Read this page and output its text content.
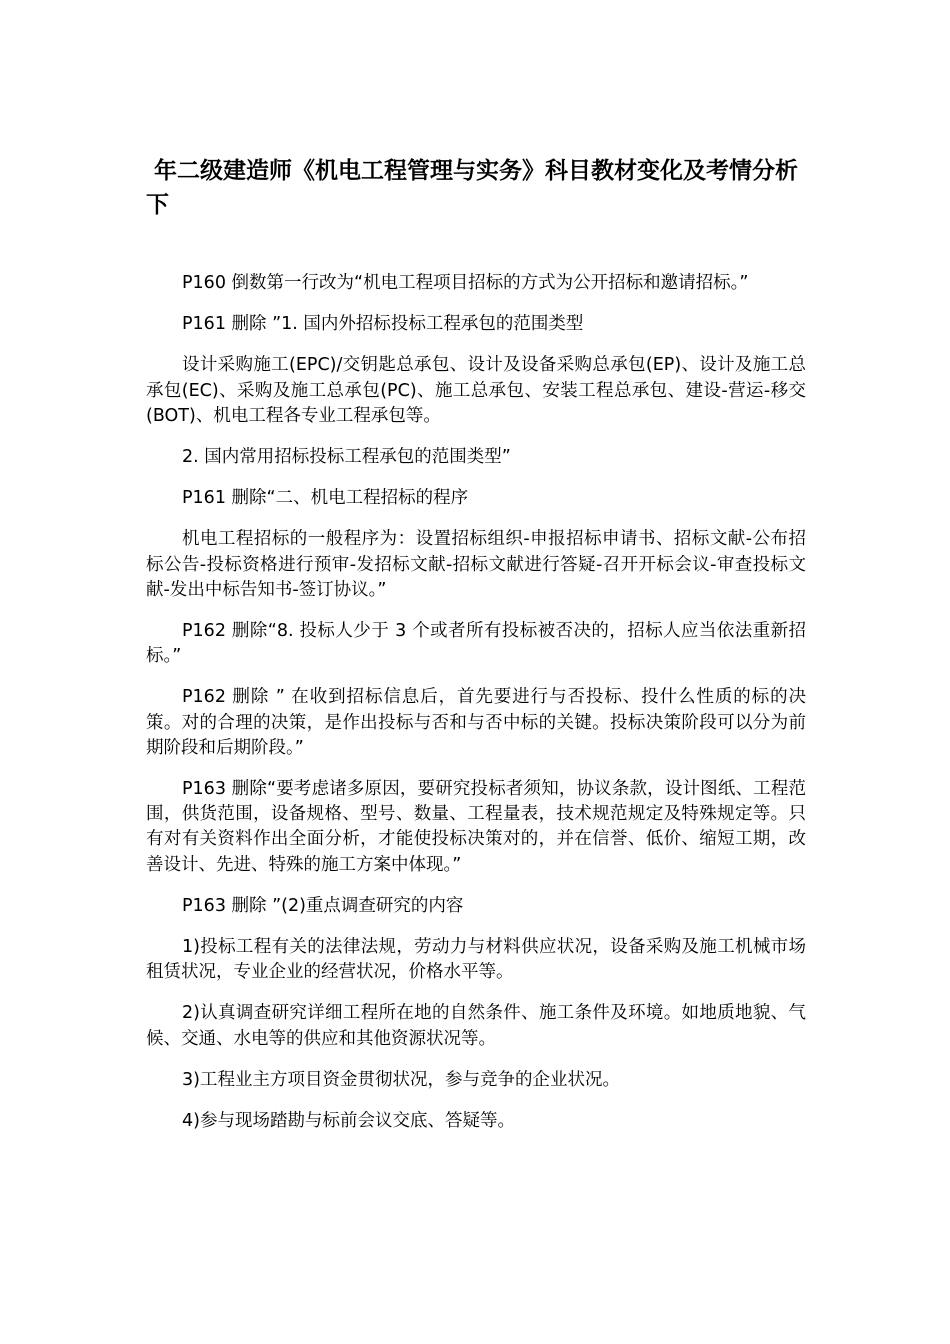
年二级建造师《机电工程管理与实务》科目教材变化及考情分析下

P160 倒数第一行改为“机电工程项目招标的方式为公开招标和邀请招标。”

P161 删除 ”1. 国内外招标投标工程承包的范围类型

设计采购施工(EPC)/交钥匙总承包、设计及设备采购总承包(EP)、设计及施工总承包(EC)、采购及施工总承包(PC)、施工总承包、安装工程总承包、建设-营运-移交(BOT)、机电工程各专业工程承包等。

2. 国内常用招标投标工程承包的范围类型”

P161 删除“二、机电工程招标的程序

机电工程招标的一般程序为：设置招标组织-申报招标申请书、招标文献-公布招标公告-投标资格进行预审-发招标文献-招标文献进行答疑-召开开标会议-审查投标文献-发出中标告知书-签订协议。”

P162 删除“8. 投标人少于 3 个或者所有投标被否决的，招标人应当依法重新招标。”

P162 删除 ” 在收到招标信息后，首先要进行与否投标、投什么性质的标的决策。对的合理的决策，是作出投标与否和与否中标的关键。投标决策阶段可以分为前期阶段和后期阶段。”

P163 删除“要考虑诸多原因，要研究投标者须知，协议条款，设计图纸、工程范围，供货范围，设备规格、型号、数量、工程量表，技术规范规定及特殊规定等。只有对有关资料作出全面分析，才能使投标决策对的，并在信誉、低价、缩短工期，改善设计、先进、特殊的施工方案中体现。”

P163 删除 ”(2)重点调查研究的内容

1)投标工程有关的法律法规，劳动力与材料供应状况，设备采购及施工机械市场租赁状况，专业企业的经营状况，价格水平等。

2)认真调查研究详细工程所在地的自然条件、施工条件及环境。如地质地貌、气候、交通、水电等的供应和其他资源状况等。

3)工程业主方项目资金贯彻状况，参与竞争的企业状况。

4)参与现场踏勘与标前会议交底、答疑等。
